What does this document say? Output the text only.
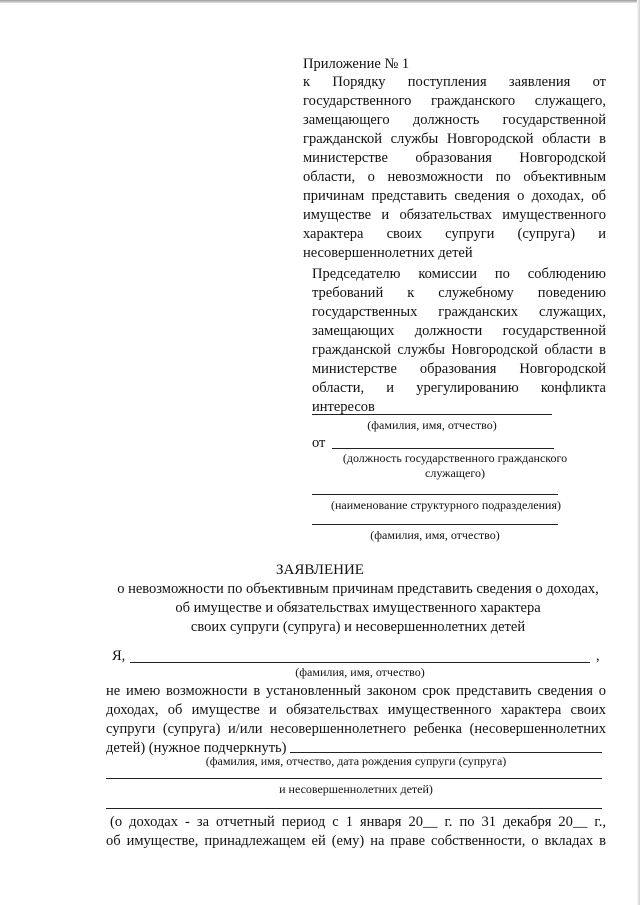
Приложение № 1
к Порядку поступления заявления от
государственного гражданского служащего,
замещающего должность государственной
гражданской службы Новгородской области в
министерстве образования Новгородской
области, о невозможности по объективным
причинам представить сведения о доходах, об
имуществе и обязательствах имущественного
характера своих супруги (супруга) и
несовершеннолетних детей
Председателю комиссии по соблюдению
требований к служебному поведению
государственных гражданских служащих,
замещающих должности государственной
гражданской службы Новгородской области в
министерстве образования Новгородской
области, и урегулированию конфликта
интересов
(фамилия, имя, отчество)
от
(должность государственного гражданского
служащего)
(наименование структурного подразделения)
(фамилия, имя, отчество)
ЗАЯВЛЕНИЕ
о невозможности по объективным причинам представить сведения о доходах,
об имуществе и обязательствах имущественного характера
своих супруги (супруга) и несовершеннолетних детей
Я,	,
(фамилия, имя, отчество)
не имею возможности в установленный законом срок представить сведения о
доходах, об имуществе и обязательствах имущественного характера своих
супруги (супруга) и/или несовершеннолетнего ребенка (несовершеннолетних
детей) (нужное подчеркнуть)
(фамилия, имя, отчество, дата рождения супруги (супруга)
и несовершеннолетних детей)
(о доходах - за отчетный период с 1 января 20__ г. по 31 декабря 20__ г.,
об имуществе, принадлежащем ей (ему) на праве собственности, о вкладах в
